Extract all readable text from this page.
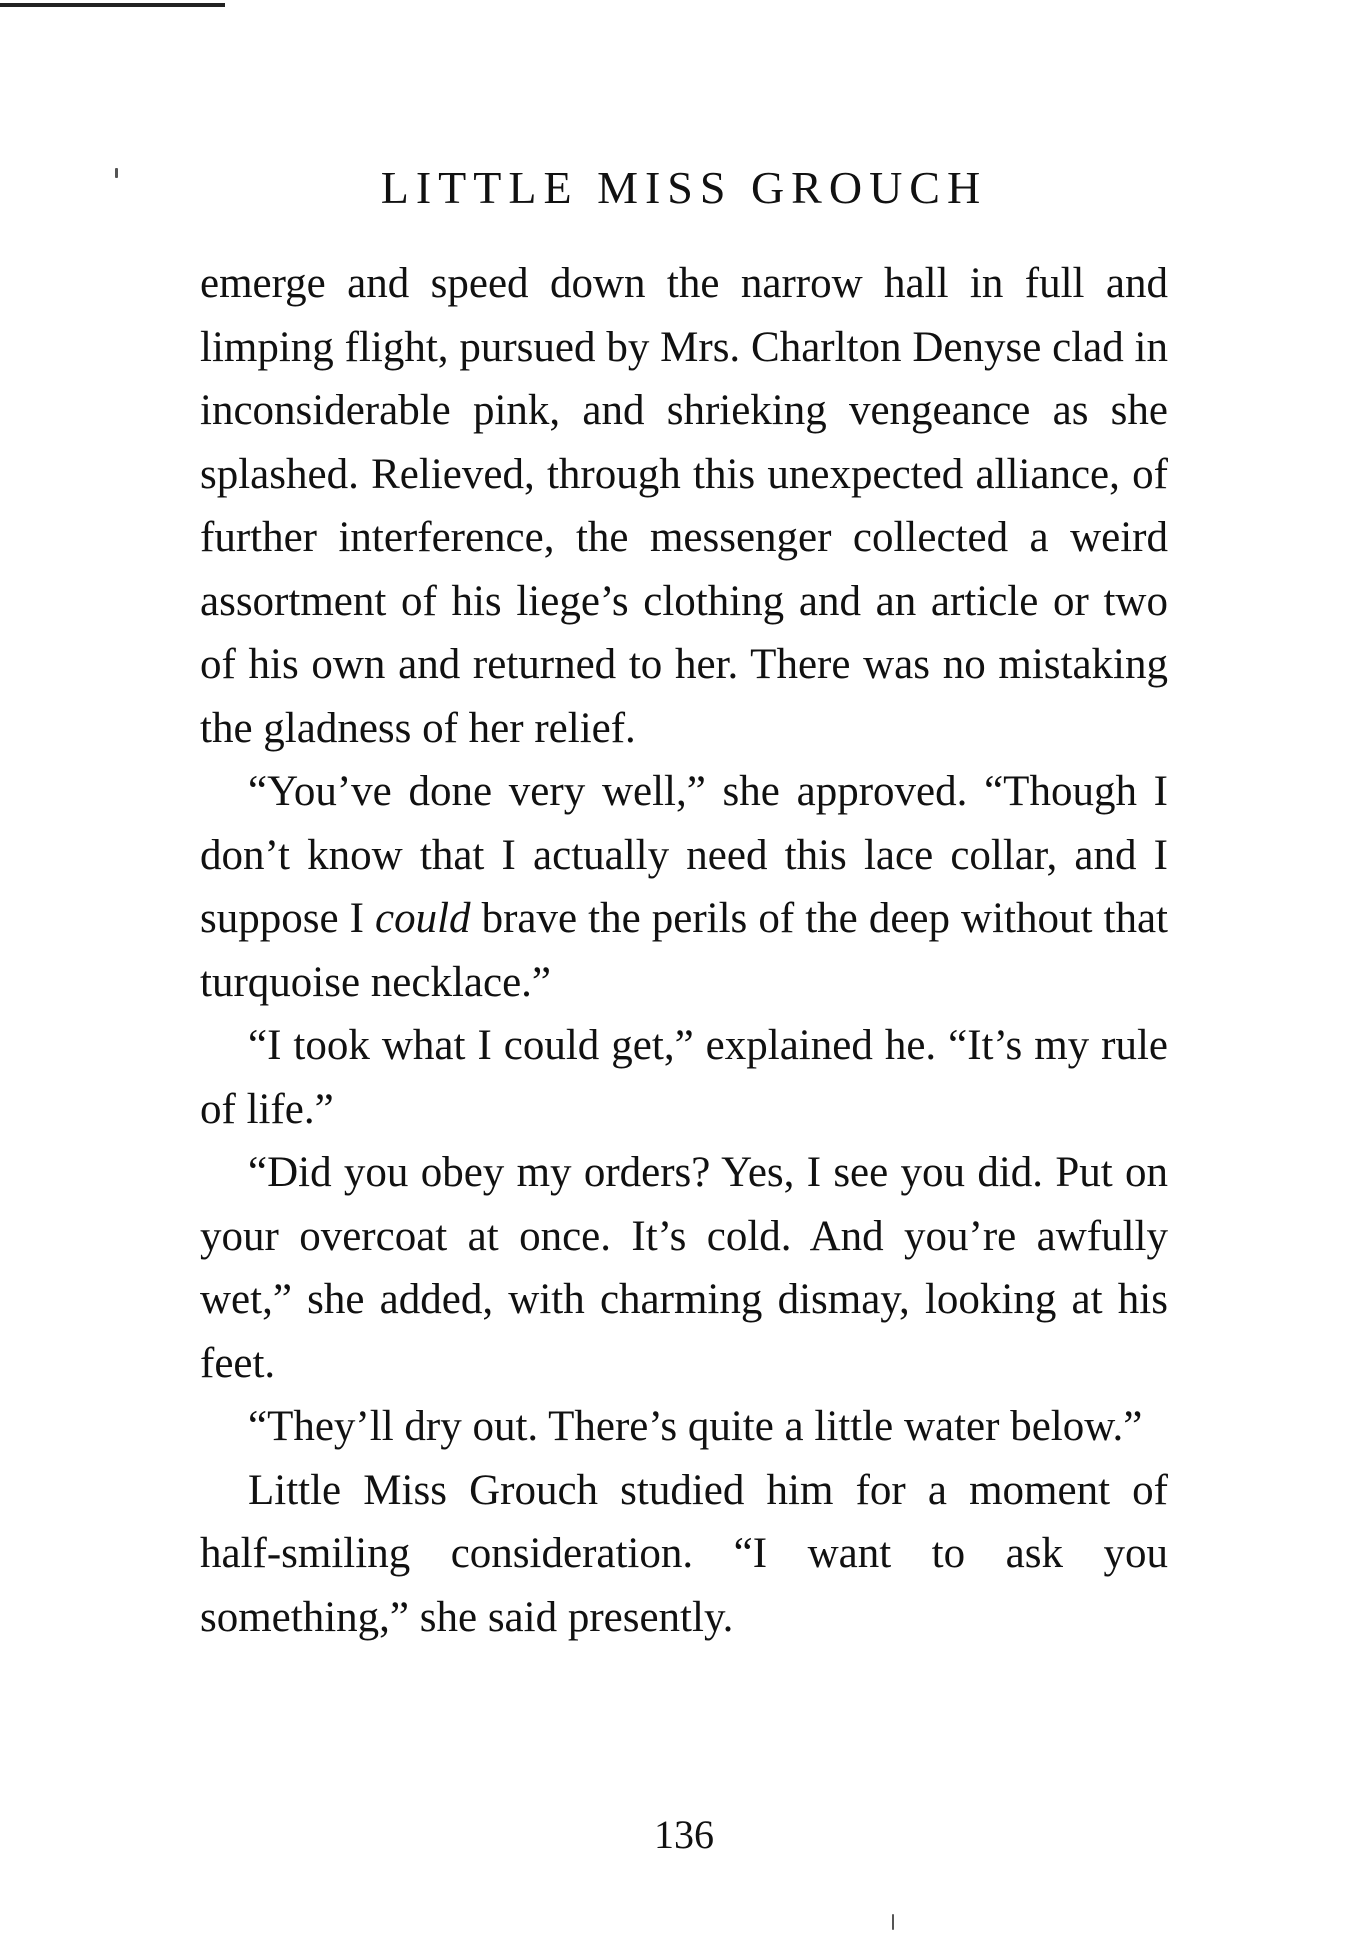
LITTLE MISS GROUCH

emerge and speed down the narrow hall in full and limping flight, pursued by Mrs. Charlton Denyse clad in inconsiderable pink, and shrieking vengeance as she splashed. Relieved, through this unexpected alliance, of further interference, the messenger collected a weird assortment of his liege’s clothing and an article or two of his own and returned to her. There was no mistaking the gladness of her relief.

“You’ve done very well,” she approved. “Though I don’t know that I actually need this lace collar, and I suppose I could brave the perils of the deep without that turquoise necklace.”

“I took what I could get,” explained he. “It’s my rule of life.”

“Did you obey my orders? Yes, I see you did. Put on your overcoat at once. It’s cold. And you’re awfully wet,” she added, with charming dismay, looking at his feet.

“They’ll dry out. There’s quite a little water below.”

Little Miss Grouch studied him for a moment of half-smiling consideration. “I want to ask you something,” she said presently.

136
